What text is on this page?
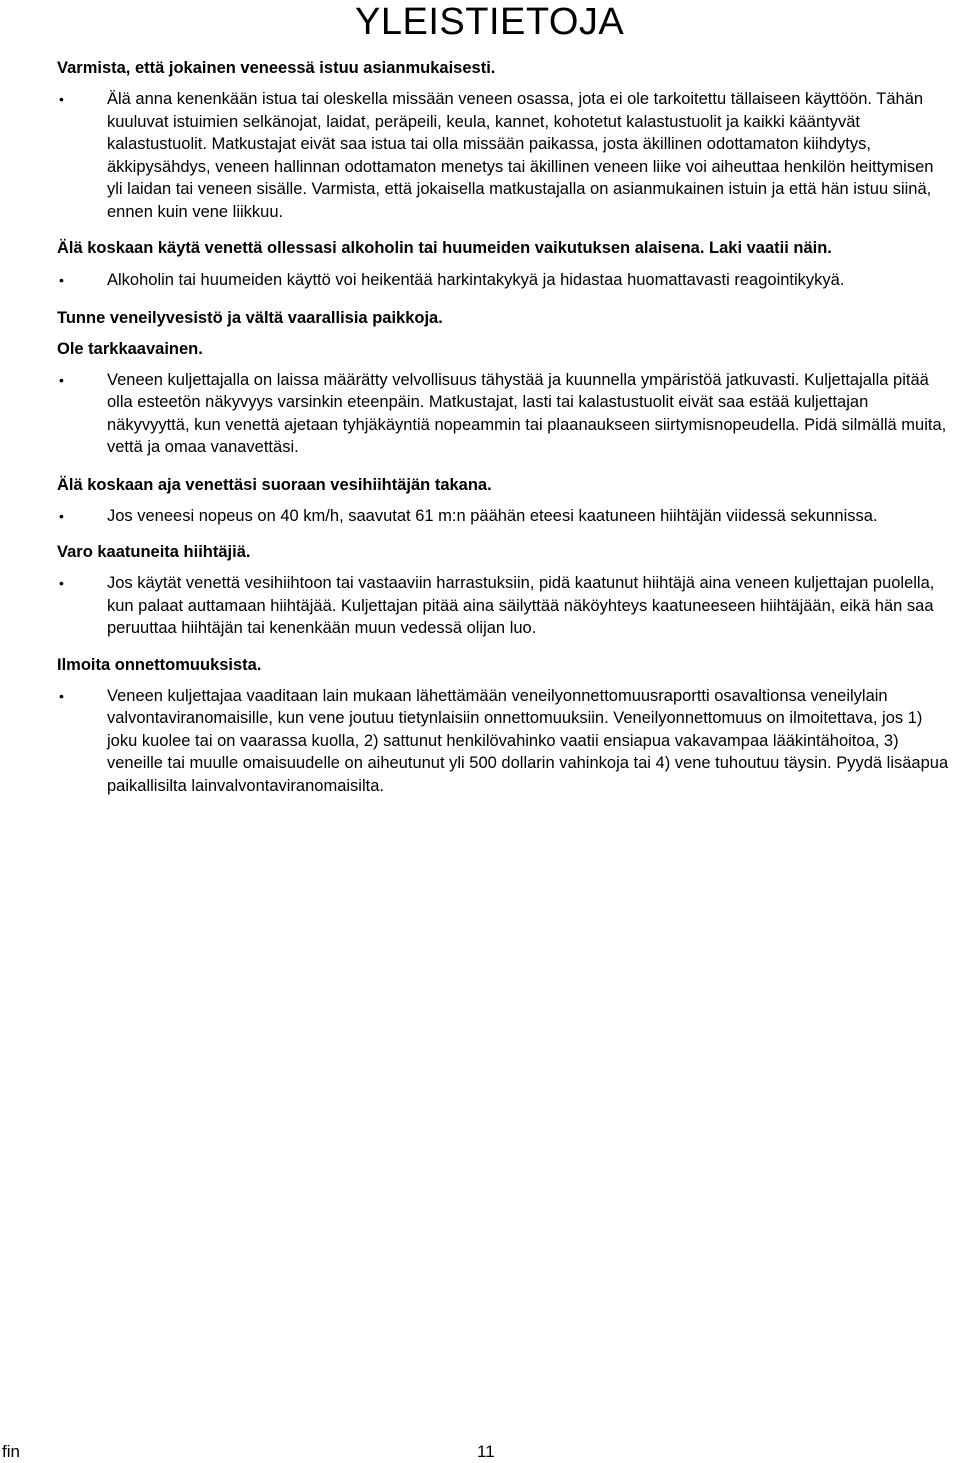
YLEISTIETOJA

Varmista, että jokainen veneessä istuu asianmukaisesti.

•	Älä anna kenenkään istua tai oleskella missään veneen osassa, jota ei ole tarkoitettu tällaiseen käyttöön. Tähän kuuluvat istuimien selkänojat, laidat, peräpeili, keula, kannet, kohotetut kalastustuolit ja kaikki kääntyvät kalastustuolit. Matkustajat eivät saa istua tai olla missään paikassa, josta äkillinen odottamaton kiihdytys, äkkipysähdys, veneen hallinnan odottamaton menetys tai äkillinen veneen liike voi aiheuttaa henkilön heittymisen yli laidan tai veneen sisälle. Varmista, että jokaisella matkustajalla on asianmukainen istuin ja että hän istuu siinä, ennen kuin vene liikkuu.

Älä koskaan käytä venettä ollessasi alkoholin tai huumeiden vaikutuksen alaisena. Laki vaatii näin.

•	Alkoholin tai huumeiden käyttö voi heikentää harkintakykyä ja hidastaa huomattavasti reagointikykyä.

Tunne veneilyvesistö ja vältä vaarallisia paikkoja.

Ole tarkkaavainen.

•	Veneen kuljettajalla on laissa määrätty velvollisuus tähystää ja kuunnella ympäristöä jatkuvasti. Kuljettajalla pitää olla esteetön näkyvyys varsinkin eteenpäin. Matkustajat, lasti tai kalastustuolit eivät saa estää kuljettajan näkyvyyttä, kun venettä ajetaan tyhjäkäyntiä nopeammin tai plaanaukseen siirtymisnopeudella. Pidä silmällä muita, vettä ja omaa vanavettäsi.

Älä koskaan aja venettäsi suoraan vesihiihtäjän takana.

•	Jos veneesi nopeus on 40 km/h, saavutat 61 m:n päähän eteesi kaatuneen hiihtäjän viidessä sekunnissa.

Varo kaatuneita hiihtäjiä.

•	Jos käytät venettä vesihiihtoon tai vastaaviin harrastuksiin, pidä kaatunut hiihtäjä aina veneen kuljettajan puolella, kun palaat auttamaan hiihtäjää. Kuljettajan pitää aina säilyttää näköyhteys kaatuneeseen hiihtäjään, eikä hän saa peruuttaa hiihtäjän tai kenenkään muun vedessä olijan luo.

Ilmoita onnettomuuksista.

•	Veneen kuljettajaa vaaditaan lain mukaan lähettämään veneilyonnettomuusraportti osavaltionsa veneilylain valvontaviranomaisille, kun vene joutuu tietynlaisiin onnettomuuksiin. Veneilyonnettomuus on ilmoitettava, jos 1) joku kuolee tai on vaarassa kuolla, 2) sattunut henkilövahinko vaatii ensiapua vakavampaa lääkintähoitoa, 3) veneille tai muulle omaisuudelle on aiheutunut yli 500 dollarin vahinkoja tai 4) vene tuhoutuu täysin. Pyydä lisäapua paikallisilta lainvalvontaviranomaisilta.
fin	11
